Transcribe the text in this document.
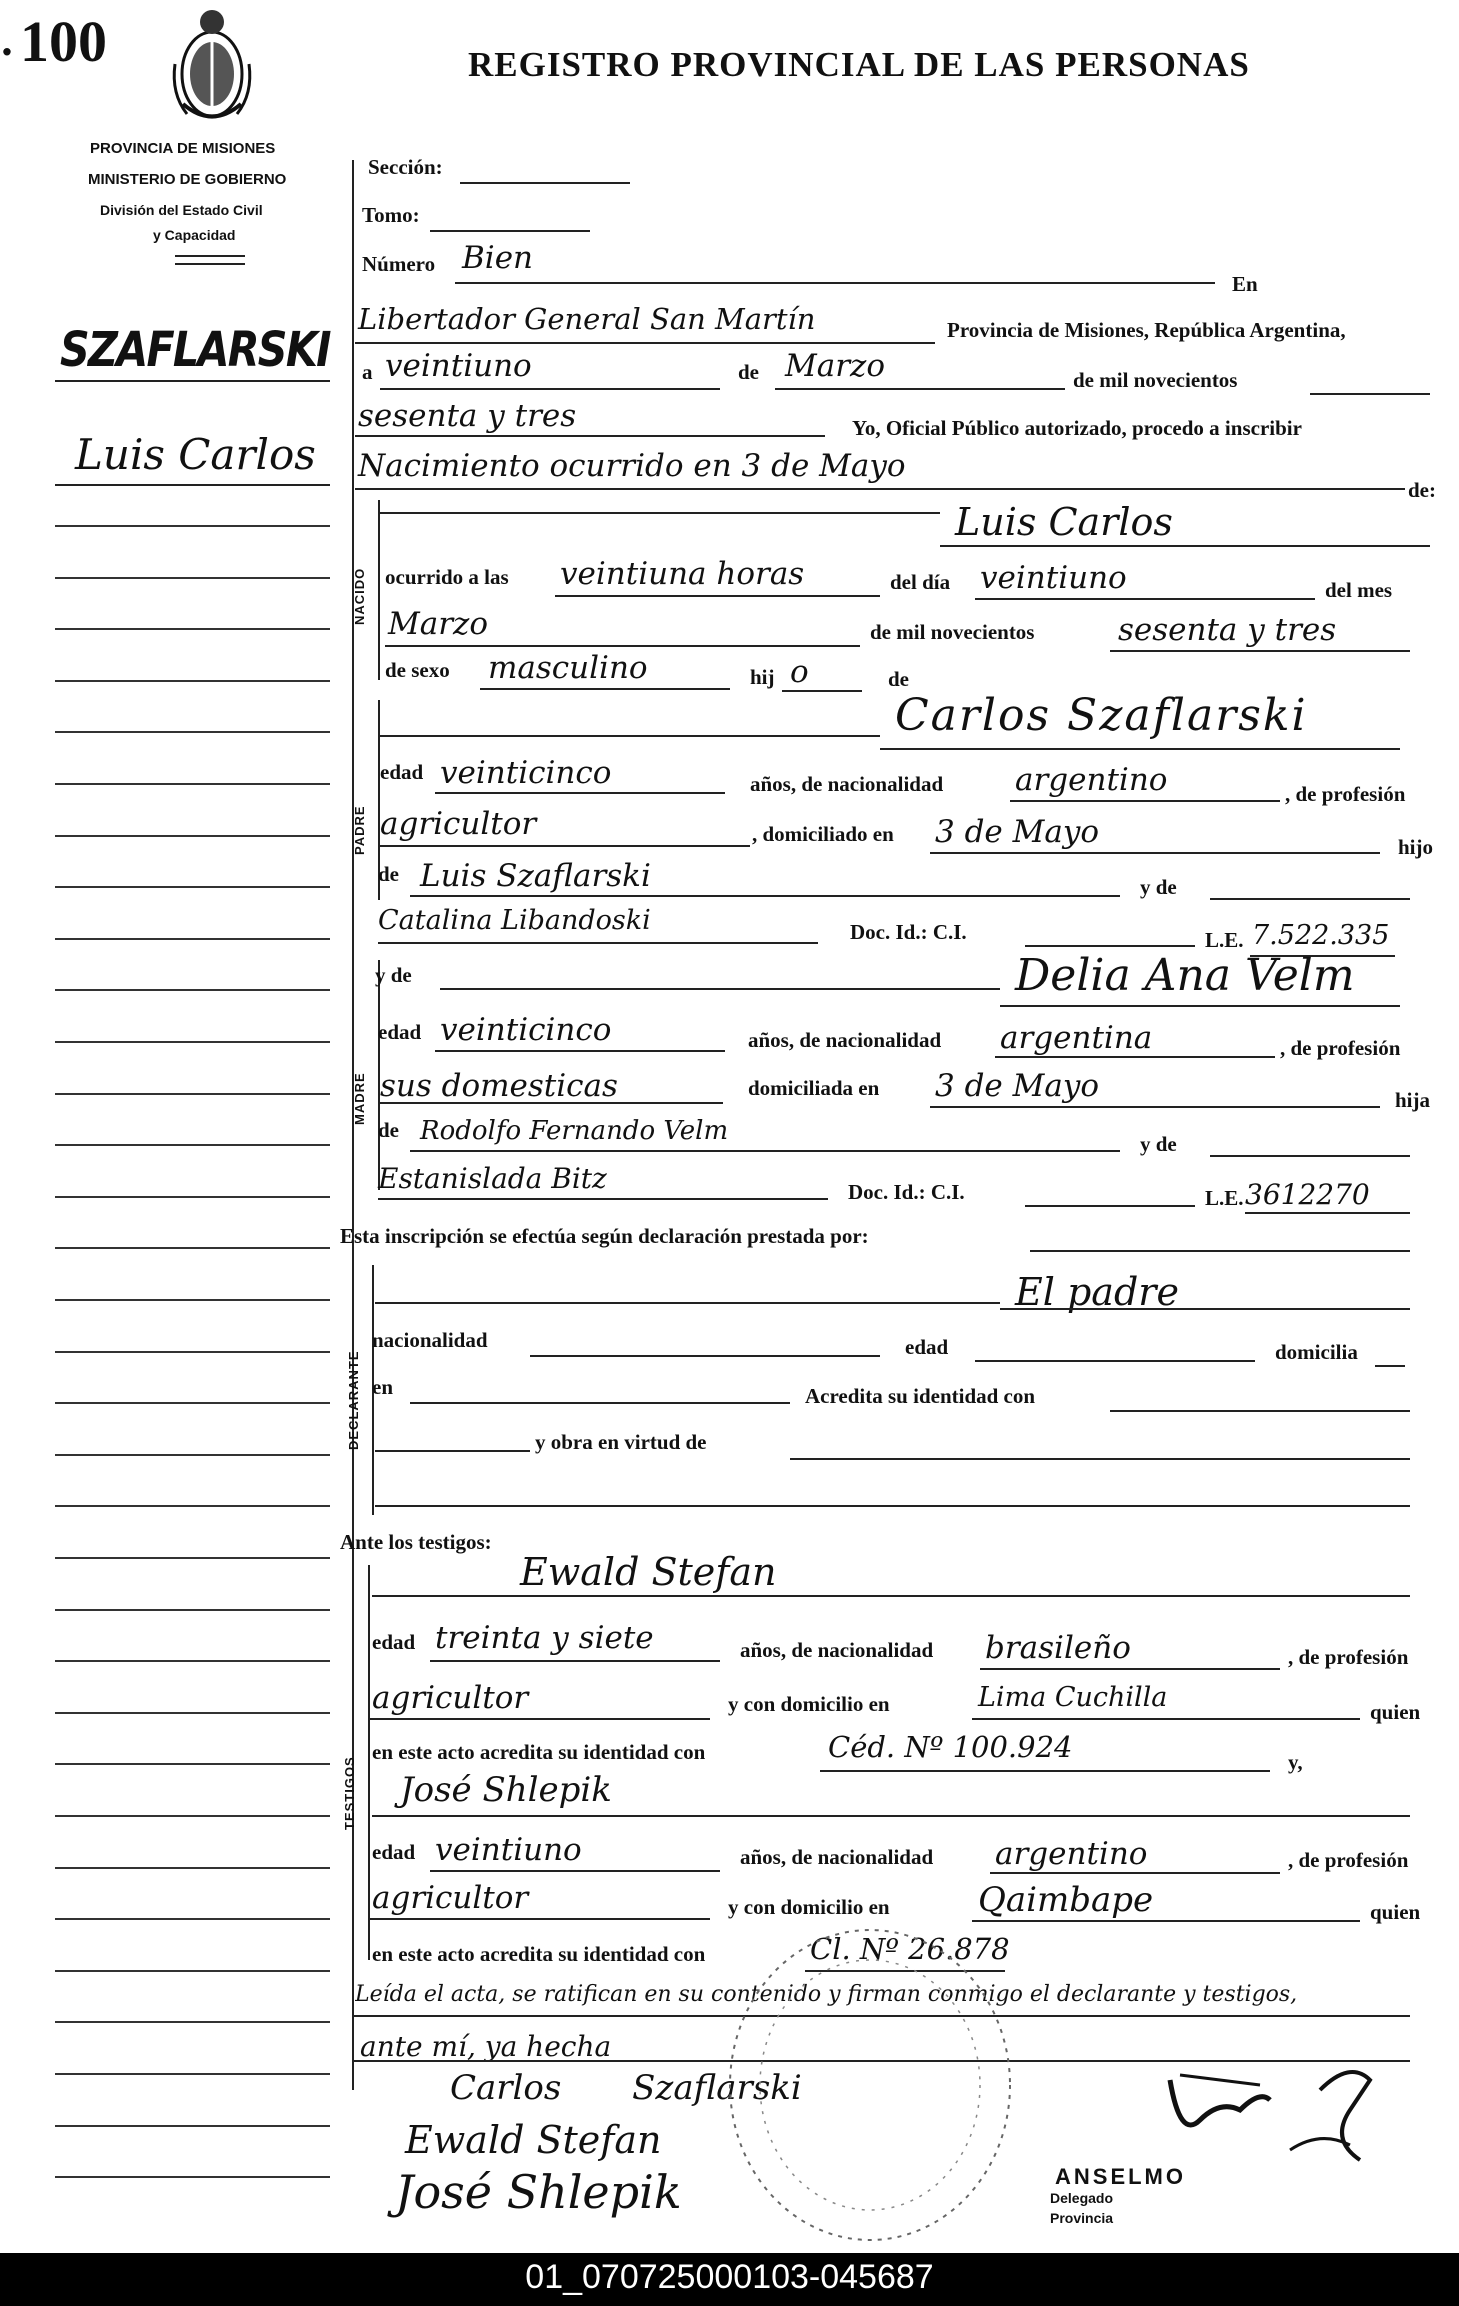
. 100	REGISTRO PROVINCIAL DE LAS PERSONAS
PROVINCIA DE MISIONES
MINISTERIO DE GOBIERNO
División del Estado Civil
y Capacidad
SZAFLARSKI
Luis Carlos
Sección:
Tomo:
Número Bien
En
Libertador General San Martín	Provincia de Misiones, República Argentina,
a veintiuno	de Marzo	de mil novecientos
sesenta y tres	Yo, Oficial Público autorizado, procedo a inscribir
Nacimiento ocurrido en 3 de Mayo
de:
NACIDO
Luis Carlos
ocurrido a las veintiuna horas	del día veintiuno	del mes
Marzo	de mil novecientos	sesenta y tres
de sexo masculino	hij o	de
PADRE
Carlos Szaflarski
edad veinticinco	años, de nacionalidad argentino	, de profesión
agricultor	, domiciliado en 3 de Mayo	hijo
de Luis Szaflarski	y de
Catalina Libandoski	Doc. Id.: C.I.	L.E. 7.522.335
MADRE
y de	Delia Ana Velm
edad veinticinco	años, de nacionalidad argentina	, de profesión
sus domesticas	domiciliada en 3 de Mayo	hija
de Rodolfo Fernando Velm	y de
Estanislada Bitz	Doc. Id.: C.I.	L.E. 3612270
Esta inscripción se efectúa según declaración prestada por:
DECLARANTE
El padre
nacionalidad	edad	domicilia
en	Acredita su identidad con
y obra en virtud de
Ante los testigos:
TESTIGOS
Ewald Stefan
edad treinta y siete	años, de nacionalidad brasileño	, de profesión
agricultor	y con domicilio en	Lima Cuchilla	quien
en este acto acredita su identidad con	Céd. Nº 100.924	y,
José Shlepik
edad veintiuno	años, de nacionalidad argentino	, de profesión
agricultor	y con domicilio en	Qaimbape	quien
en este acto acredita su identidad con	Cl. Nº 26.878
Leída el acta, se ratifican en su contenido y firman conmigo el declarante y testigos,
ante mí, ya hecha
Carlos Szaflarski
Ewald Stefan
José Shlepik	ANSELMO
Delegado
Provincia
01_070725000103-045687
